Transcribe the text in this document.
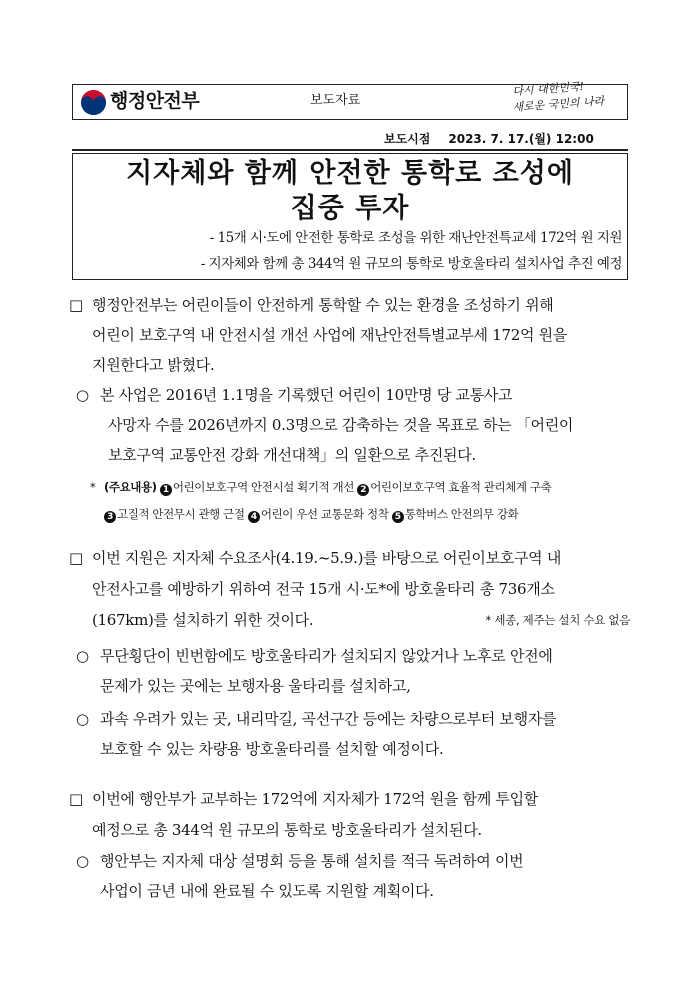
행정안전부	보도자료
다시 대한민국!
새로운 국민의 나라
보도시점 2023. 7. 17.(월) 12:00
지자체와 함께 안전한 통학로 조성에
집중 투자
- 15개 시·도에 안전한 통학로 조성을 위한 재난안전특교세 172억 원 지원
- 지자체와 함께 총 344억 원 규모의 통학로 방호울타리 설치사업 추진 예정
□ 행정안전부는 어린이들이 안전하게 통학할 수 있는 환경을 조성하기 위해
어린이 보호구역 내 안전시설 개선 사업에 재난안전특별교부세 172억 원을
지원한다고 밝혔다.
○ 본 사업은 2016년 1.1명을 기록했던 어린이 10만명 당 교통사고
사망자 수를 2026년까지 0.3명으로 감축하는 것을 목표로 하는 「어린이
보호구역 교통안전 강화 개선대책」의 일환으로 추진된다.
* (주요내용) 1 어린이보호구역 안전시설 획기적 개선 2 어린이보호구역 효율적 관리체계 구축
3 고질적 안전무시 관행 근절 4 어린이 우선 교통문화 정착 5 통학버스 안전의무 강화
□ 이번 지원은 지자체 수요조사(4.19.~5.9.)를 바탕으로 어린이보호구역 내
안전사고를 예방하기 위하여 전국 15개 시·도*에 방호울타리 총 736개소
(167km)를 설치하기 위한 것이다.	* 세종, 제주는 설치 수요 없음
○ 무단횡단이 빈번함에도 방호울타리가 설치되지 않았거나 노후로 안전에
문제가 있는 곳에는 보행자용 울타리를 설치하고,
○ 과속 우려가 있는 곳, 내리막길, 곡선구간 등에는 차량으로부터 보행자를
보호할 수 있는 차량용 방호울타리를 설치할 예정이다.
□ 이번에 행안부가 교부하는 172억에 지자체가 172억 원을 함께 투입할
예정으로 총 344억 원 규모의 통학로 방호울타리가 설치된다.
○ 행안부는 지자체 대상 설명회 등을 통해 설치를 적극 독려하여 이번
사업이 금년 내에 완료될 수 있도록 지원할 계획이다.
